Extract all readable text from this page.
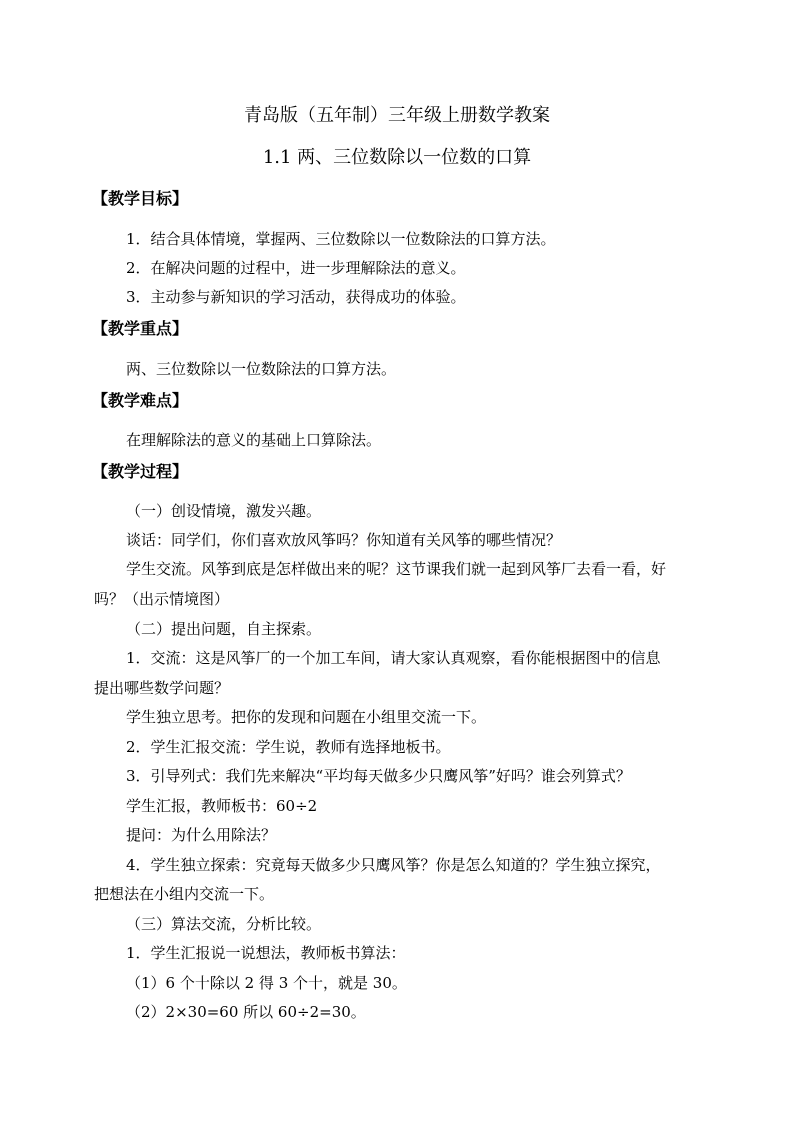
青岛版（五年制）三年级上册数学教案
1.1 两、三位数除以一位数的口算
【教学目标】
1．结合具体情境，掌握两、三位数除以一位数除法的口算方法。
2．在解决问题的过程中，进一步理解除法的意义。
3．主动参与新知识的学习活动，获得成功的体验。
【教学重点】
两、三位数除以一位数除法的口算方法。
【教学难点】
在理解除法的意义的基础上口算除法。
【教学过程】
（一）创设情境，激发兴趣。
谈话：同学们，你们喜欢放风筝吗？你知道有关风筝的哪些情况？
学生交流。风筝到底是怎样做出来的呢？这节课我们就一起到风筝厂去看一看，好
吗？（出示情境图）
（二）提出问题，自主探索。
1．交流：这是风筝厂的一个加工车间，请大家认真观察，看你能根据图中的信息
提出哪些数学问题？
学生独立思考。把你的发现和问题在小组里交流一下。
2．学生汇报交流：学生说，教师有选择地板书。
3．引导列式：我们先来解决“平均每天做多少只鹰风筝”好吗？谁会列算式？
学生汇报，教师板书：60÷2
提问：为什么用除法？
4．学生独立探索：究竟每天做多少只鹰风筝？你是怎么知道的？学生独立探究，
把想法在小组内交流一下。
（三）算法交流，分析比较。
1．学生汇报说一说想法，教师板书算法：
（1）6 个十除以 2 得 3 个十，就是 30。
（2）2×30=60 所以 60÷2=30。
